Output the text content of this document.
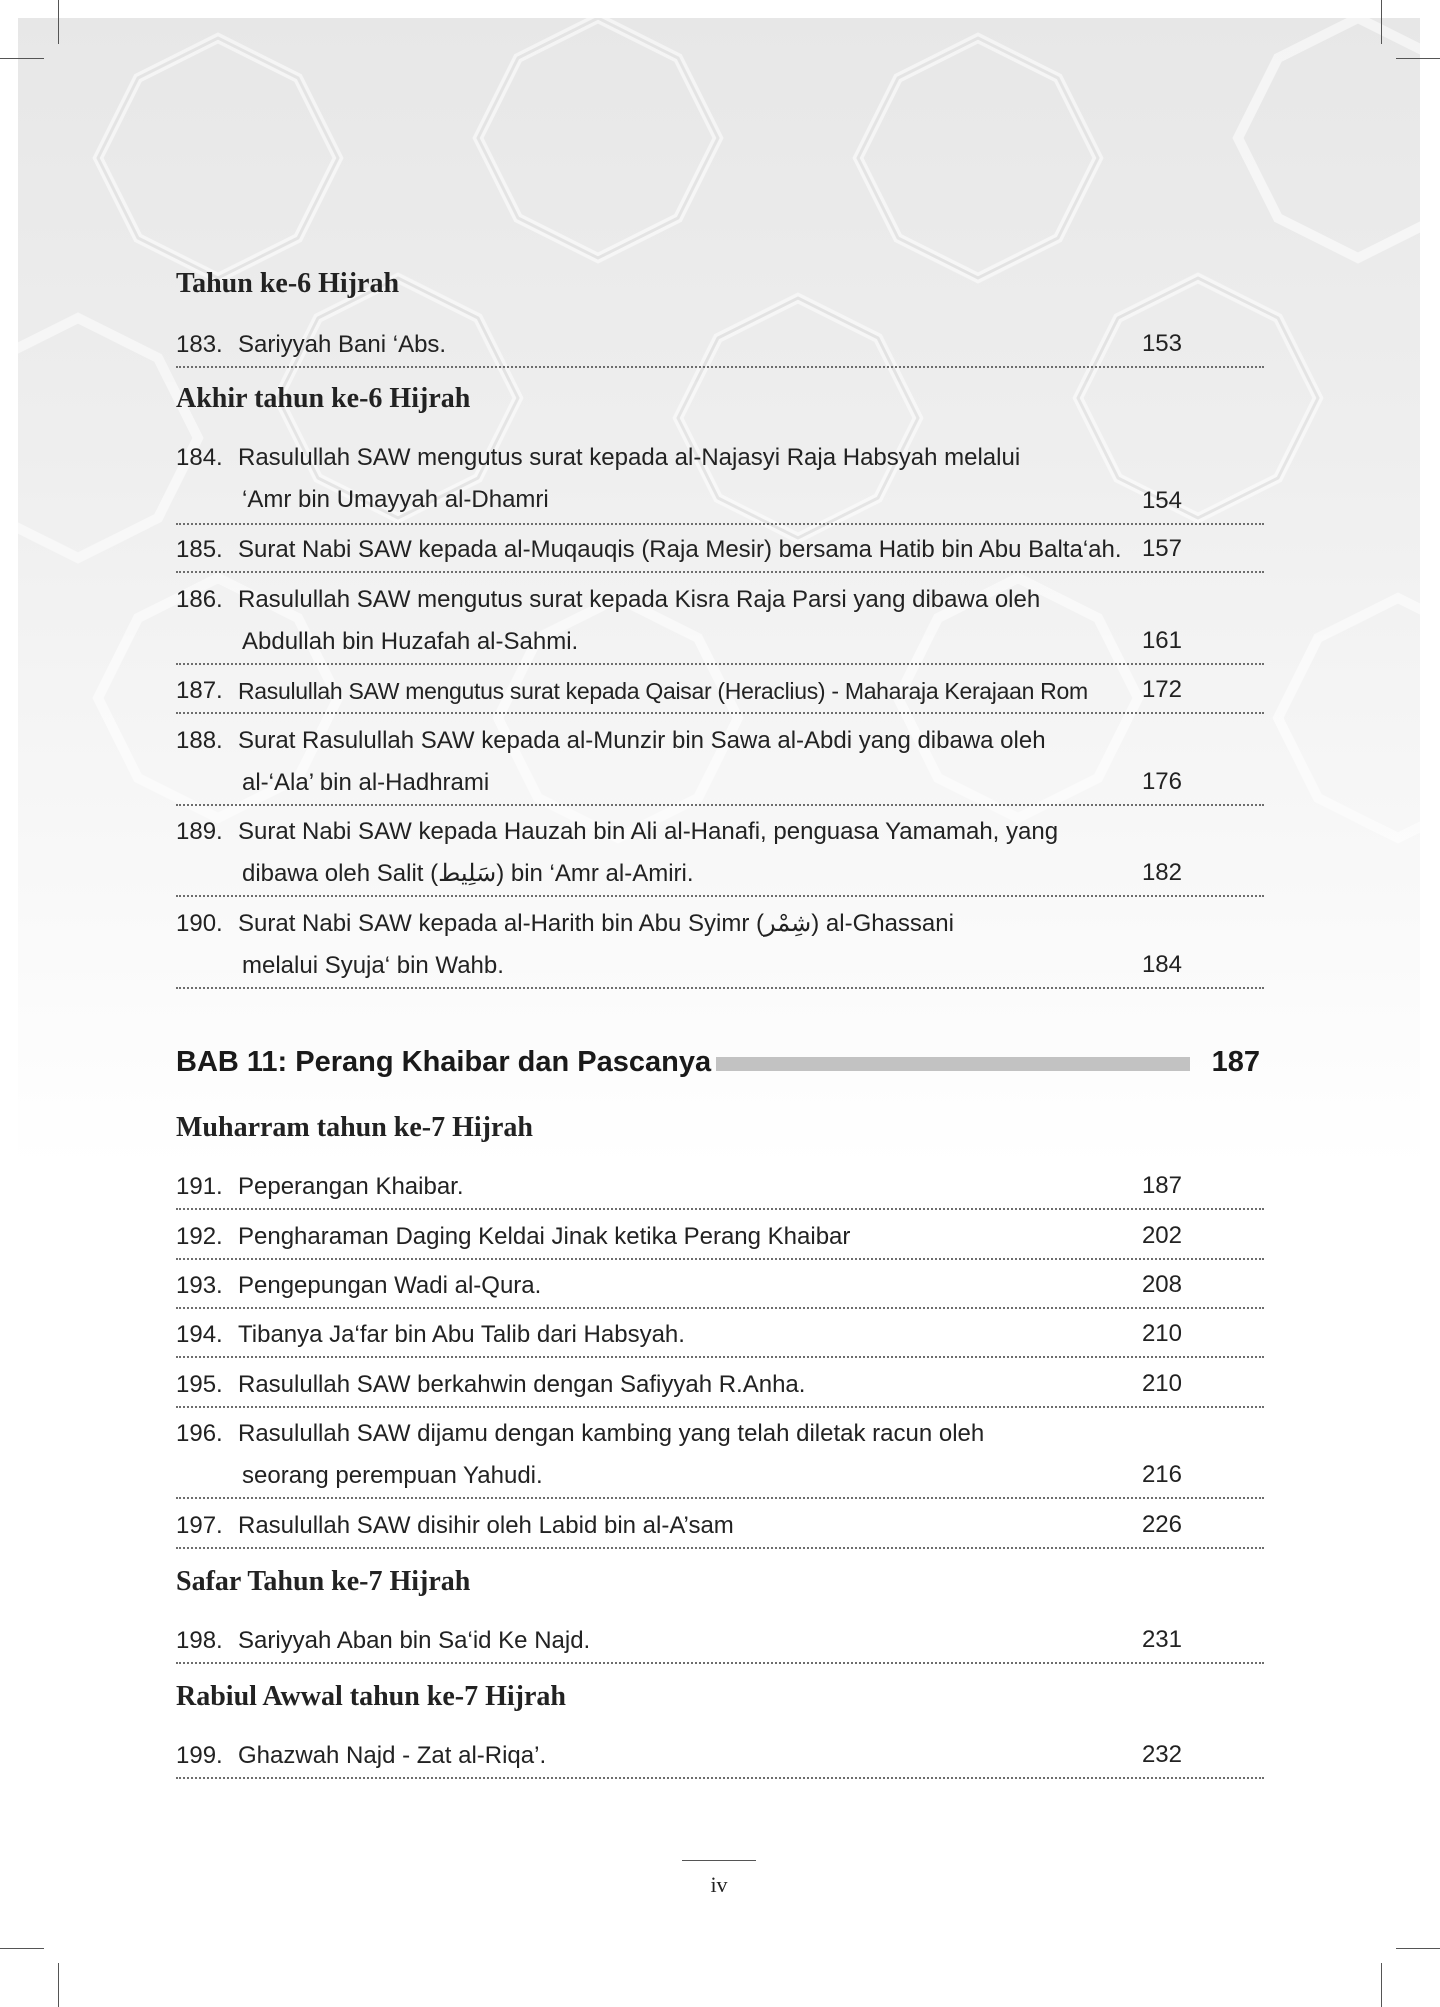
Tahun ke-6 Hijrah
Akhir tahun ke-6 Hijrah
Muharram tahun ke-7 Hijrah
Safar Tahun ke-7 Hijrah
Rabiul Awwal tahun ke-7 Hijrah
183. Sariyyah Bani ‘Abs.	153
184. Rasulullah SAW mengutus surat kepada al-Najasyi Raja Habsyah melalui
‘Amr bin Umayyah al-Dhamri	154
185. Surat Nabi SAW kepada al-Muqauqis (Raja Mesir) bersama Hatib bin Abu Balta‘ah. 157
186. Rasulullah SAW mengutus surat kepada Kisra Raja Parsi yang dibawa oleh
Abdullah bin Huzafah al-Sahmi.	161
187. Rasulullah SAW mengutus surat kepada Qaisar (Heraclius) - Maharaja Kerajaan Rom	172
188. Surat Rasulullah SAW kepada al-Munzir bin Sawa al-Abdi yang dibawa oleh
al-‘Ala’ bin al-Hadhrami	176
189. Surat Nabi SAW kepada Hauzah bin Ali al-Hanafi, penguasa Yamamah, yang
dibawa oleh Salit (سَلِيط) bin ‘Amr al-Amiri.	182
190. Surat Nabi SAW kepada al-Harith bin Abu Syimr (شِمْر) al-Ghassani
melalui Syuja‘ bin Wahb.	184
BAB 11: Perang Khaibar dan Pascanya	187
191. Peperangan Khaibar.	187
192. Pengharaman Daging Keldai Jinak ketika Perang Khaibar	202
193. Pengepungan Wadi al-Qura.	208
194. Tibanya Ja‘far bin Abu Talib dari Habsyah.	210
195. Rasulullah SAW berkahwin dengan Safiyyah R.Anha.	210
196. Rasulullah SAW dijamu dengan kambing yang telah diletak racun oleh
seorang perempuan Yahudi.	216
197. Rasulullah SAW disihir oleh Labid bin al-A’sam	226
198. Sariyyah Aban bin Sa‘id Ke Najd.	231
199. Ghazwah Najd - Zat al-Riqa’.	232
iv
